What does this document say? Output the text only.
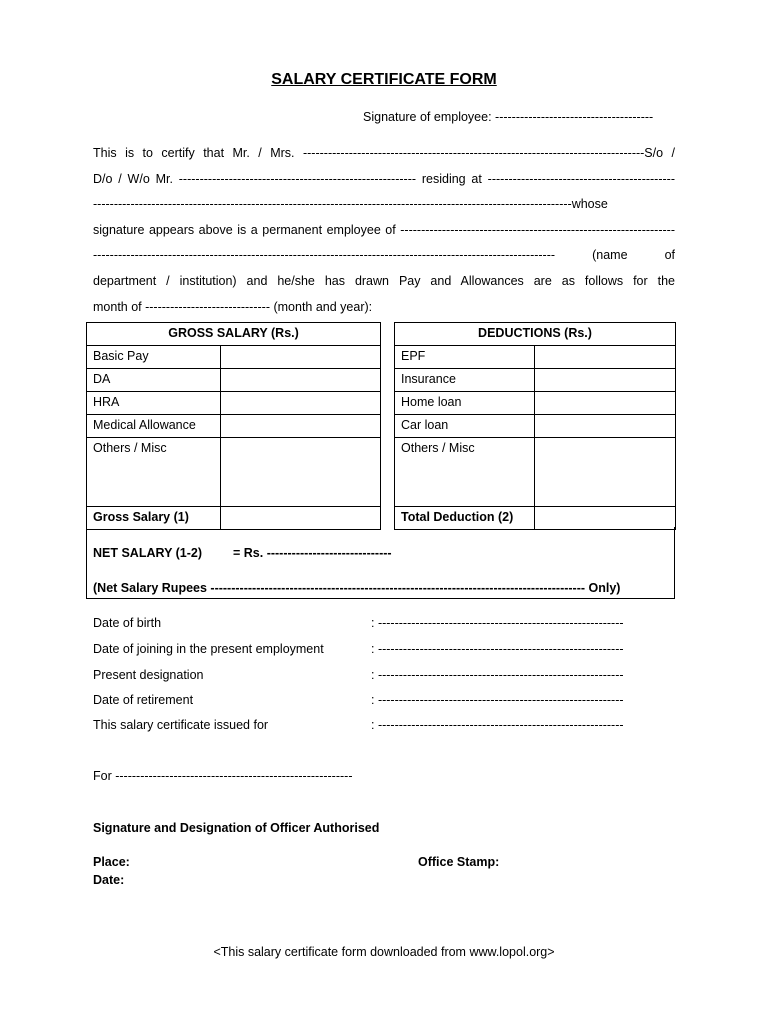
SALARY CERTIFICATE FORM
Signature of employee: --------------------------------------
This is to certify that Mr. / Mrs. ----------------------------------------------------------------------------------S/o /
D/o / W/o Mr. --------------------------------------------------------- residing at ---------------------------------------------
-------------------------------------------------------------------------------------------------------------------whose
signature appears above is a permanent employee of ------------------------------------------------------------------
--------------------------------------------------------------------------------------------------------------- (name of
department / institution) and he/she has drawn Pay and Allowances are as follows for the
month of ------------------------------ (month and year):
GROSS SALARY (Rs.)	
Basic Pay	
DA	
HRA	
Medical Allowance	
Others / Misc	
Gross Salary (1)	
DEDUCTIONS (Rs.)	
EPF	
Insurance	
Home loan	
Car loan	
Others / Misc	
Total Deduction (2)	
NET SALARY (1-2) = Rs. ------------------------------
(Net Salary Rupees ------------------------------------------------------------------------------------------ Only)
Date of birth	: -----------------------------------------------------------
Date of joining in the present employment	: -----------------------------------------------------------
Present designation	: -----------------------------------------------------------
Date of retirement	: -----------------------------------------------------------
This salary certificate issued for	: -----------------------------------------------------------
For ---------------------------------------------------------
Signature and Designation of Officer Authorised
Place:
Date:
Office Stamp:
<This salary certificate form downloaded from www.lopol.org>
